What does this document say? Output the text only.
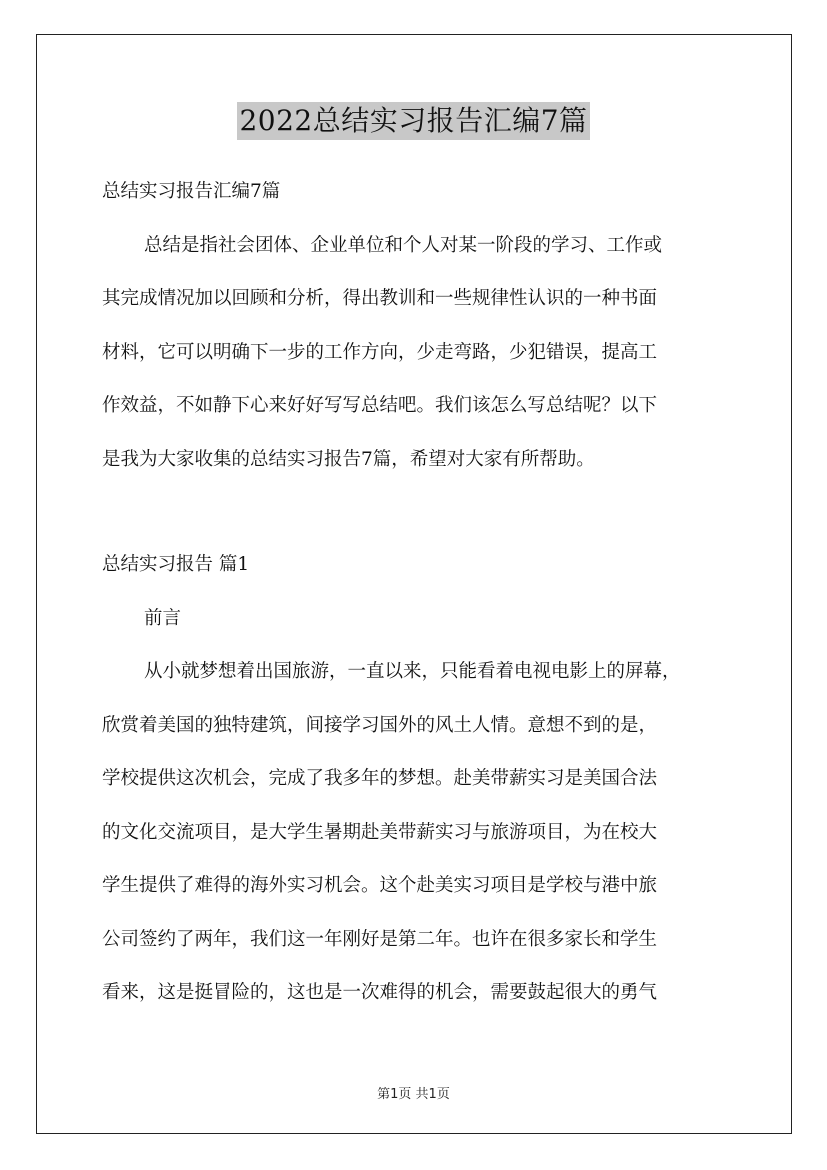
2022总结实习报告汇编7篇
总结实习报告汇编7篇
总结是指社会团体、企业单位和个人对某一阶段的学习、工作或
其完成情况加以回顾和分析，得出教训和一些规律性认识的一种书面
材料，它可以明确下一步的工作方向，少走弯路，少犯错误，提高工
作效益，不如静下心来好好写写总结吧。我们该怎么写总结呢？以下
是我为大家收集的总结实习报告7篇，希望对大家有所帮助。
总结实习报告 篇1
前言
从小就梦想着出国旅游，一直以来，只能看着电视电影上的屏幕，
欣赏着美国的独特建筑，间接学习国外的风土人情。意想不到的是，
学校提供这次机会，完成了我多年的梦想。赴美带薪实习是美国合法
的文化交流项目，是大学生暑期赴美带薪实习与旅游项目，为在校大
学生提供了难得的海外实习机会。这个赴美实习项目是学校与港中旅
公司签约了两年，我们这一年刚好是第二年。也许在很多家长和学生
看来，这是挺冒险的，这也是一次难得的机会，需要鼓起很大的勇气
第1页 共1页
